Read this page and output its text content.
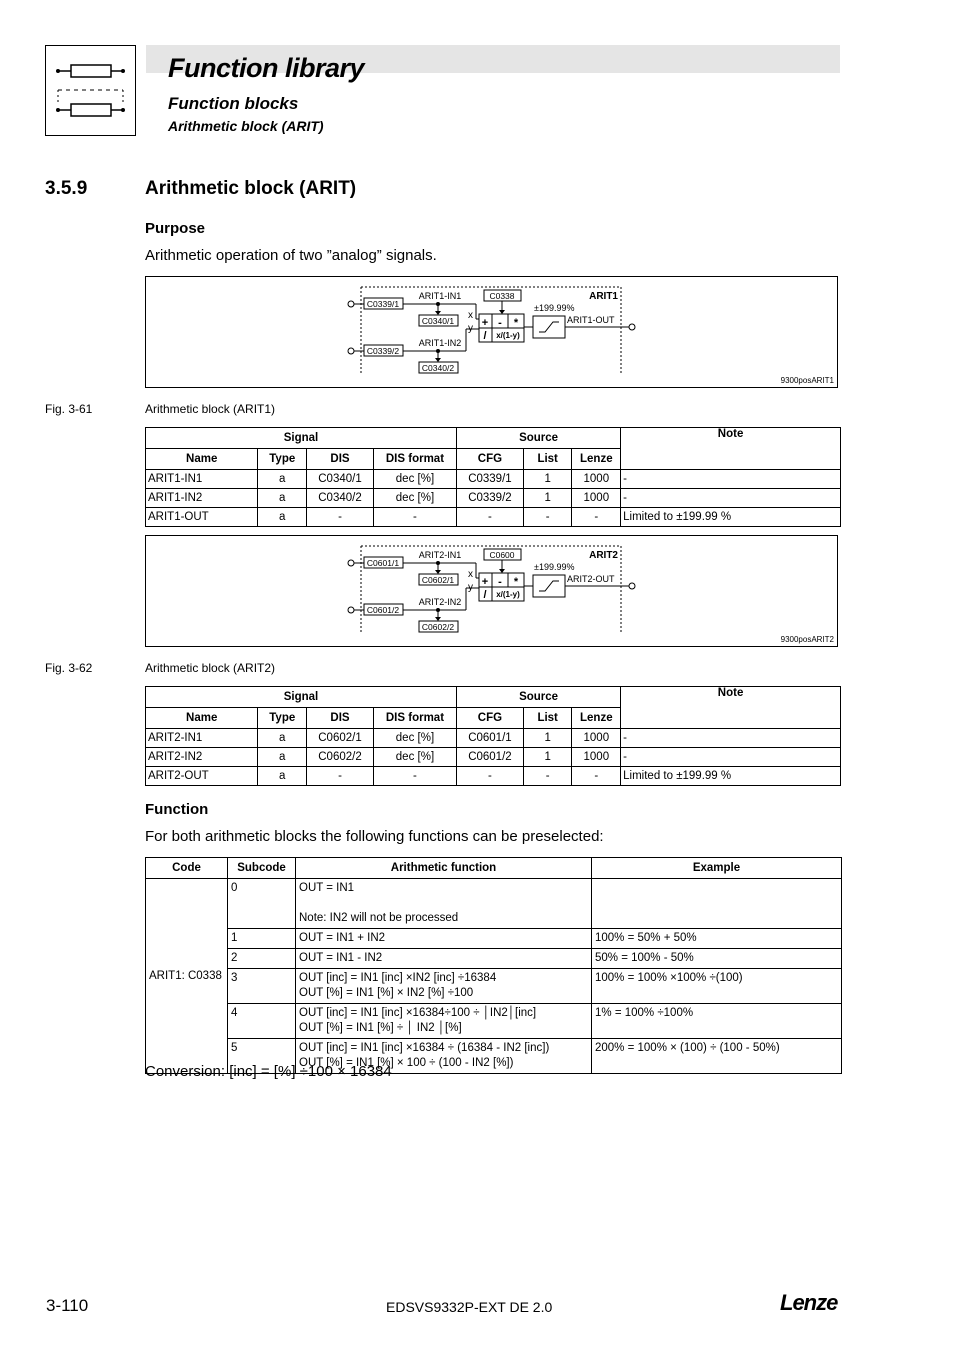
Function library
Function blocks
Arithmetic block (ARIT)
3.5.9	Arithmetic block (ARIT)
Purpose
Arithmetic operation of two ”analog” signals.
C0339/1
C0339/2
ARIT1-IN1
ARIT1-IN2
C0340/1
C0340/2
x
y
C0338
+ - *
/ x/(1-y)
±199.99%
ARIT1-OUT
ARIT1
9300posARIT1
Fig. 3-61	Arithmetic block (ARIT1)
Signal				Source			Note
Name	Type	DIS	DIS format	CFG	List	Lenze	
ARIT1-IN1	a	C0340/1	dec [%]	C0339/1	1	1000	-
ARIT1-IN2	a	C0340/2	dec [%]	C0339/2	1	1000	-
ARIT1-OUT	a	-	-	-	-	-	Limited to ±199.99 %
C0601/1
C0601/2
ARIT2-IN1
ARIT2-IN2
C0602/1
C0602/2
x
y
C0600
+ - *
/ x/(1-y)
±199.99%
ARIT2-OUT
ARIT2
9300posARIT2
Fig. 3-62	Arithmetic block (ARIT2)
Signal				Source			Note
Name	Type	DIS	DIS format	CFG	List	Lenze	
ARIT2-IN1	a	C0602/1	dec [%]	C0601/1	1	1000	-
ARIT2-IN2	a	C0602/2	dec [%]	C0601/2	1	1000	-
ARIT2-OUT	a	-	-	-	-	-	Limited to ±199.99 %
Function
For both arithmetic blocks the following functions can be preselected:
Code	Subcode	Arithmetic function	Example
ARIT1: C0338	0	OUT = IN1
Note: IN2 will not be processed	

	1	OUT = IN1 + IN2	100% = 50% + 50%
	2	OUT = IN1 - IN2	50% = 100% - 50%
	3	OUT [inc] = IN1 [inc] ×IN2 [inc] ÷16384
OUT [%] = IN1 [%] × IN2 [%] ÷100	100% = 100% ×100% ÷(100)
	4	OUT [inc] = IN1 [inc] ×16384÷100 ÷ │IN2│[inc]
OUT [%] = IN1 [%] ÷ │ IN2 │[%]	1% = 100% ÷100%
	5	OUT [inc] = IN1 [inc] ×16384 ÷ (16384 - IN2 [inc])
OUT [%] = IN1 [%] × 100 ÷ (100 - IN2 [%])	200% = 100% × (100) ÷ (100 - 50%)
Conversion: [inc] = [%] ÷100 × 16384
3-110	EDSVS9332P-EXT DE 2.0	Lenze
